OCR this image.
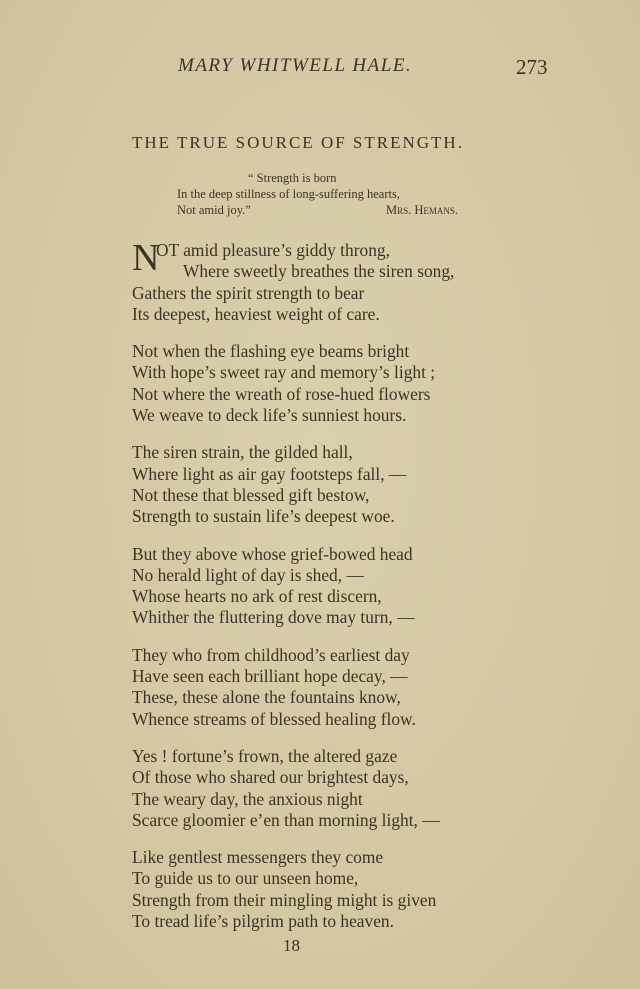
MARY WHITWELL HALE.	273
THE TRUE SOURCE OF STRENGTH.
“ Strength is born
In the deep stillness of long-suffering hearts,
Not amid joy.”	Mrs. Hemans.
N
OT amid pleasure’s giddy throng,
Where sweetly breathes the siren song,
Gathers the spirit strength to bear
Its deepest, heaviest weight of care.
Not when the flashing eye beams bright
With hope’s sweet ray and memory’s light ;
Not where the wreath of rose-hued flowers
We weave to deck life’s sunniest hours.
The siren strain, the gilded hall,
Where light as air gay footsteps fall, —
Not these that blessed gift bestow,
Strength to sustain life’s deepest woe.
But they above whose grief-bowed head
No herald light of day is shed, —
Whose hearts no ark of rest discern,
Whither the fluttering dove may turn, —
They who from childhood’s earliest day
Have seen each brilliant hope decay, —
These, these alone the fountains know,
Whence streams of blessed healing flow.
Yes ! fortune’s frown, the altered gaze
Of those who shared our brightest days,
The weary day, the anxious night
Scarce gloomier e’en than morning light, —
Like gentlest messengers they come
To guide us to our unseen home,
Strength from their mingling might is given
To tread life’s pilgrim path to heaven.
18
